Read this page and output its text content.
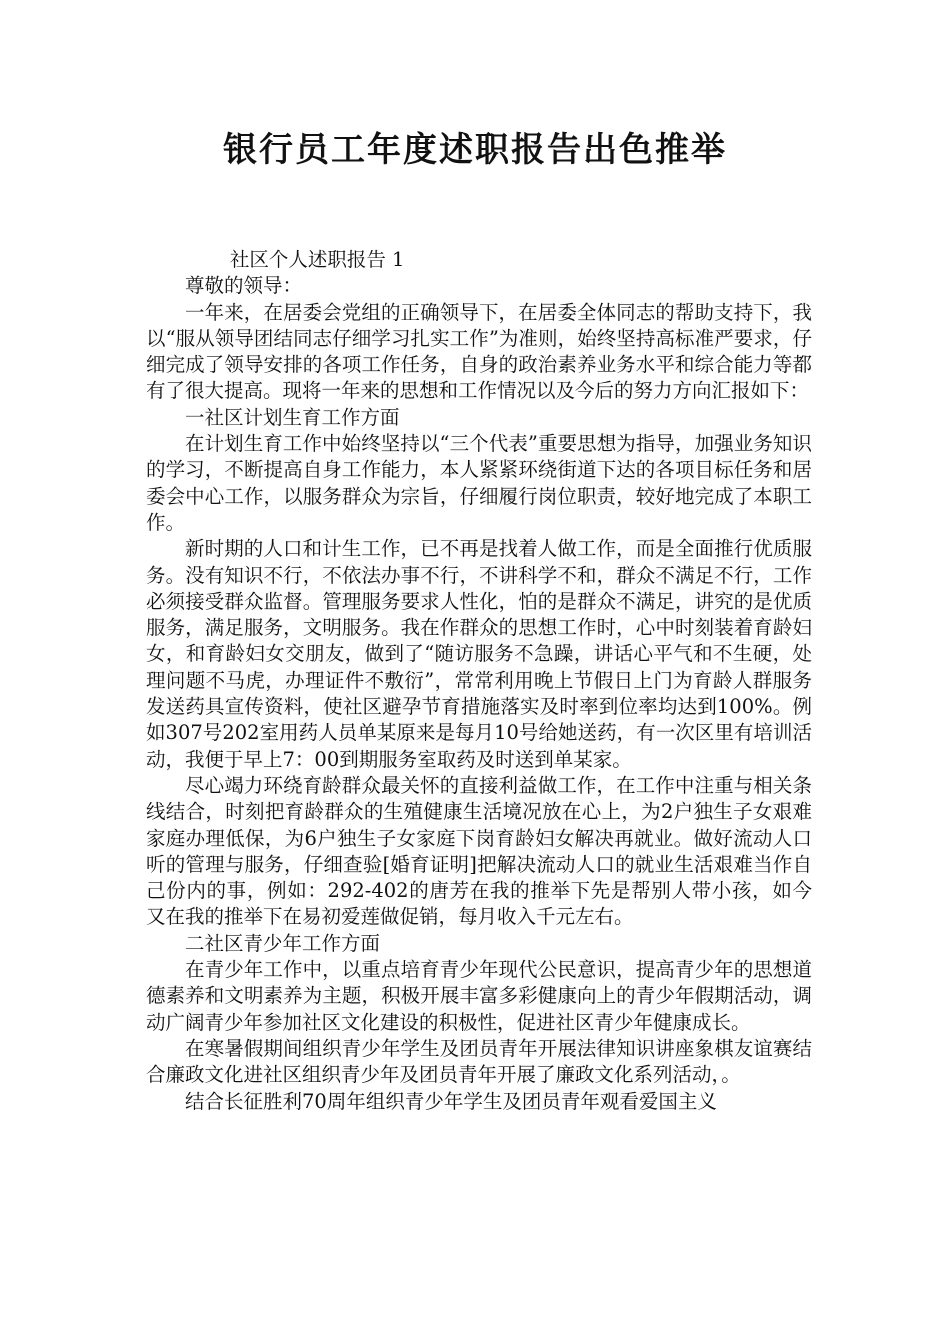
银行员工年度述职报告出色推举

社区个人述职报告 1

尊敬的领导：

一年来，在居委会党组的正确领导下，在居委全体同志的帮助支持下，我以“服从领导团结同志仔细学习扎实工作”为准则，始终坚持高标准严要求，仔细完成了领导安排的各项工作任务，自身的政治素养业务水平和综合能力等都有了很大提高。现将一年来的思想和工作情况以及今后的努力方向汇报如下：

一社区计划生育工作方面

在计划生育工作中始终坚持以“三个代表”重要思想为指导，加强业务知识的学习，不断提高自身工作能力，本人紧紧环绕街道下达的各项目标任务和居委会中心工作，以服务群众为宗旨，仔细履行岗位职责，较好地完成了本职工作。

新时期的人口和计生工作，已不再是找着人做工作，而是全面推行优质服务。没有知识不行，不依法办事不行，不讲科学不和，群众不满足不行，工作必须接受群众监督。管理服务要求人性化，怕的是群众不满足，讲究的是优质服务，满足服务，文明服务。我在作群众的思想工作时，心中时刻装着育龄妇女，和育龄妇女交朋友，做到了“随访服务不急躁，讲话心平气和不生硬，处理问题不马虎，办理证件不敷衍”，常常利用晚上节假日上门为育龄人群服务发送药具宣传资料，使社区避孕节育措施落实及时率到位率均达到100%。例如307号202室用药人员单某原来是每月10号给她送药，有一次区里有培训活动，我便于早上7：00到期服务室取药及时送到单某家。

尽心竭力环绕育龄群众最关怀的直接利益做工作，在工作中注重与相关条线结合，时刻把育龄群众的生殖健康生活境况放在心上，为2户独生子女艰难家庭办理低保，为6户独生子女家庭下岗育龄妇女解决再就业。做好流动人口听的管理与服务，仔细查验[婚育证明]把解决流动人口的就业生活艰难当作自己份内的事，例如：292-402的唐芳在我的推举下先是帮别人带小孩，如今又在我的推举下在易初爱莲做促销，每月收入千元左右。

二社区青少年工作方面

在青少年工作中，以重点培育青少年现代公民意识，提高青少年的思想道德素养和文明素养为主题，积极开展丰富多彩健康向上的青少年假期活动，调动广阔青少年参加社区文化建设的积极性，促进社区青少年健康成长。

在寒暑假期间组织青少年学生及团员青年开展法律知识讲座象棋友谊赛结合廉政文化进社区组织青少年及团员青年开展了廉政文化系列活动，。

结合长征胜利70周年组织青少年学生及团员青年观看爱国主义
